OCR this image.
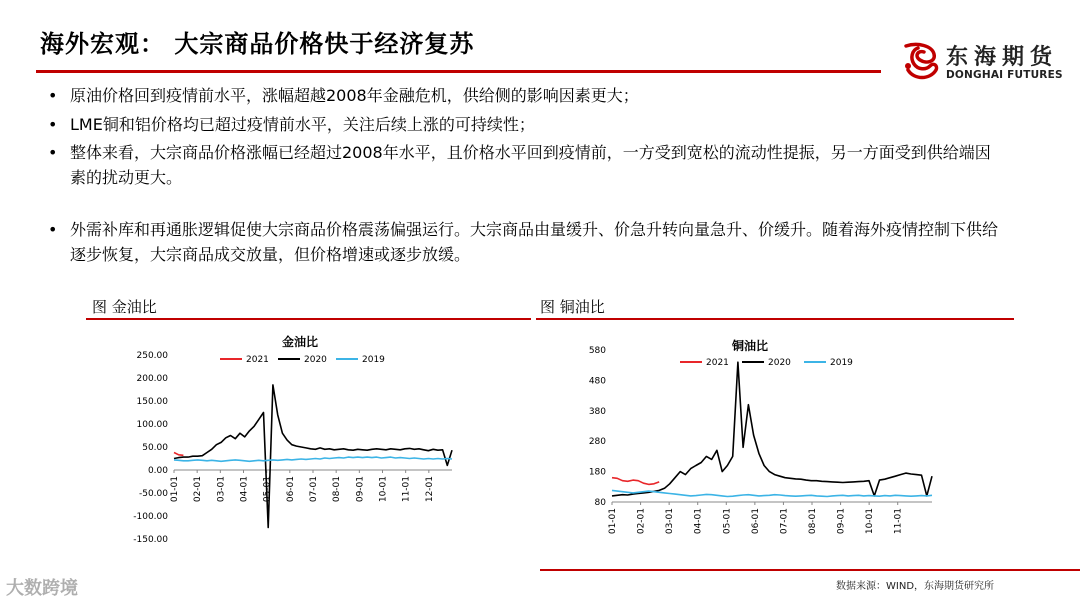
海外宏观： 大宗商品价格快于经济复苏	东海期货
DONGHAI FUTURES
• 原油价格回到疫情前水平，涨幅超越2008年金融危机，供给侧的影响因素更大；
• LME铜和铝价格均已超过疫情前水平，关注后续上涨的可持续性；
• 整体来看，大宗商品价格涨幅已经超过2008年水平，且价格水平回到疫情前，一方受到宽松的流动性提振，另一方面受到供给端因素的扰动更大。
• 外需补库和再通胀逻辑促使大宗商品价格震荡偏强运行。大宗商品由量缓升、价急升转向量急升、价缓升。随着海外疫情控制下供给逐步恢复，大宗商品成交放量，但价格增速或逐步放缓。
图 金油比	图 铜油比
金油比
2021	2020	2019
250.00
200.00
150.00
100.00
50.00
0.00
-50.00
-100.00
-150.00
01-01 02-01 03-01 04-01 05-01 06-01 07-01 08-01 09-01 10-01 11-01 12-01
铜油比
2021	2020	2019
580
480
380
280
180
80
01-01 02-01 03-01 04-01 05-01 06-01 07-01 08-01 09-01 10-01 11-01
数据来源：WIND，东海期货研究所
大数跨境
